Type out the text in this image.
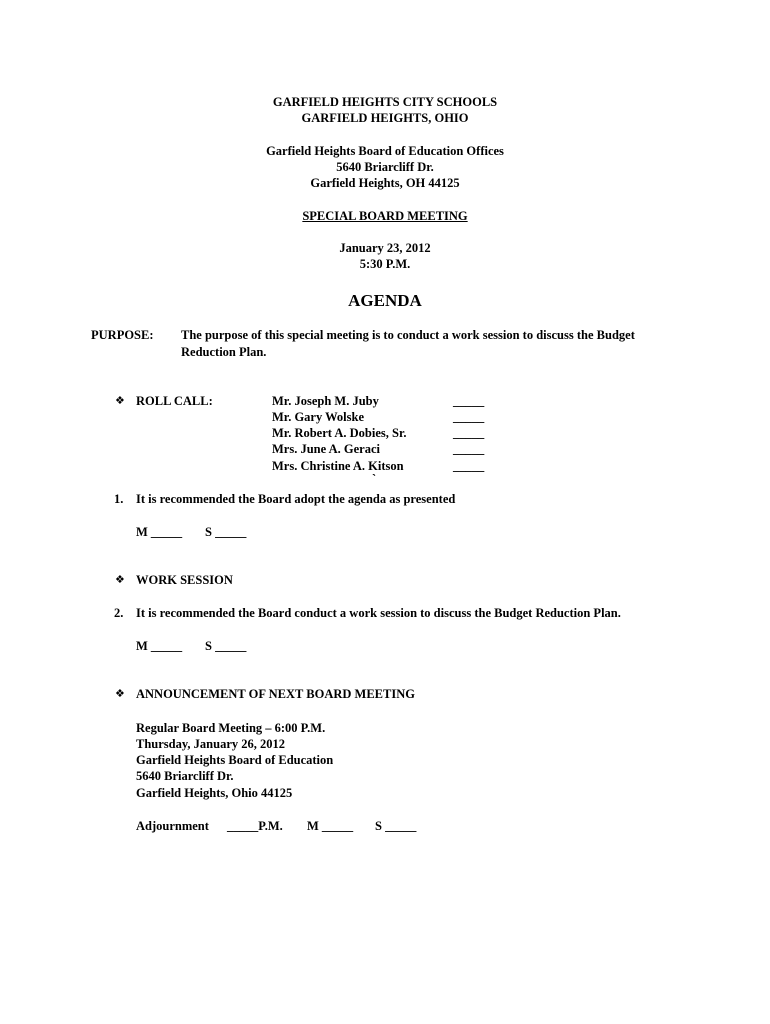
GARFIELD HEIGHTS CITY SCHOOLS
GARFIELD HEIGHTS, OHIO
Garfield Heights Board of Education Offices
5640 Briarcliff Dr.
Garfield Heights, OH 44125
SPECIAL BOARD MEETING
January 23, 2012
5:30 P.M.
AGENDA
PURPOSE: The purpose of this special meeting is to conduct a work session to discuss the Budget
Reduction Plan.
❖ ROLL CALL:	Mr. Joseph M. Juby	_____
Mr. Gary Wolske	_____
Mr. Robert A. Dobies, Sr.	_____
Mrs. June A. Geraci	_____
Mrs. Christine A. Kitson	_____
`
1. It is recommended the Board adopt the agenda as presented
M _____ S _____
❖ WORK SESSION
2. It is recommended the Board conduct a work session to discuss the Budget Reduction Plan.
M _____ S _____
❖ ANNOUNCEMENT OF NEXT BOARD MEETING
Regular Board Meeting – 6:00 P.M.
Thursday, January 26, 2012
Garfield Heights Board of Education
5640 Briarcliff Dr.
Garfield Heights, Ohio 44125
Adjournment _____P.M. M _____ S _____
